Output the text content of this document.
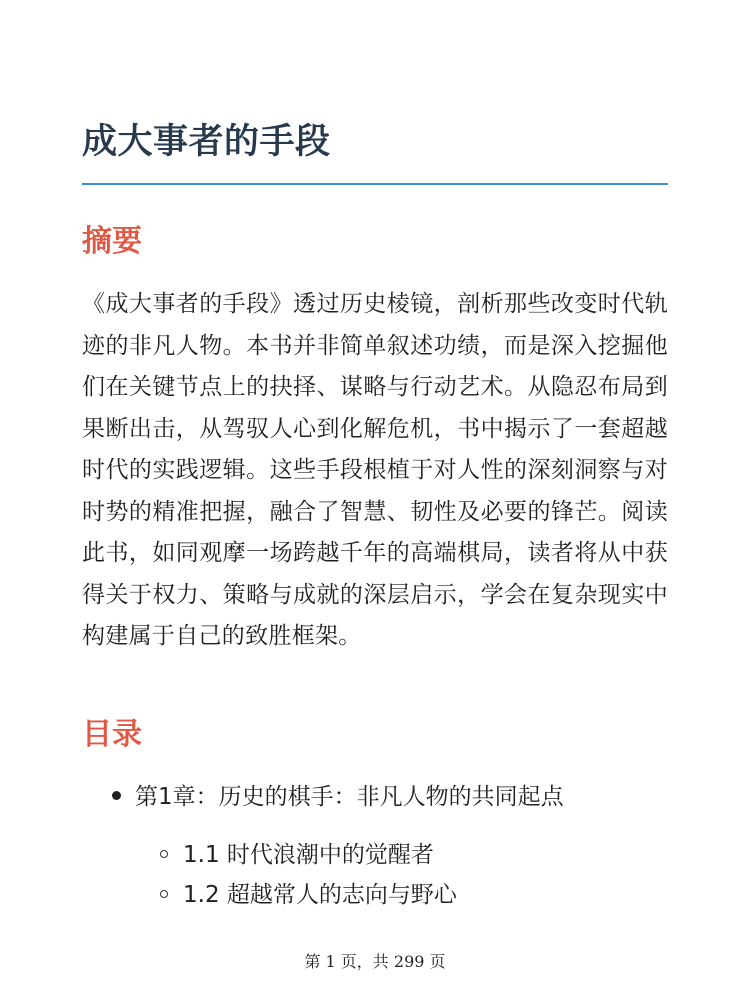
成大事者的手段
摘要

《成大事者的手段》透过历史棱镜，剖析那些改变时代轨迹的非凡人物。本书并非简单叙述功绩，而是深入挖掘他们在关键节点上的抉择、谋略与行动艺术。从隐忍布局到果断出击，从驾驭人心到化解危机，书中揭示了一套超越时代的实践逻辑。这些手段根植于对人性的深刻洞察与对时势的精准把握，融合了智慧、韧性及必要的锋芒。阅读此书，如同观摩一场跨越千年的高端棋局，读者将从中获得关于权力、策略与成就的深层启示，学会在复杂现实中构建属于自己的致胜框架。

目录
第1章：历史的棋手：非凡人物的共同起点
1.1 时代浪潮中的觉醒者
1.2 超越常人的志向与野心
第 1 页，共 299 页
